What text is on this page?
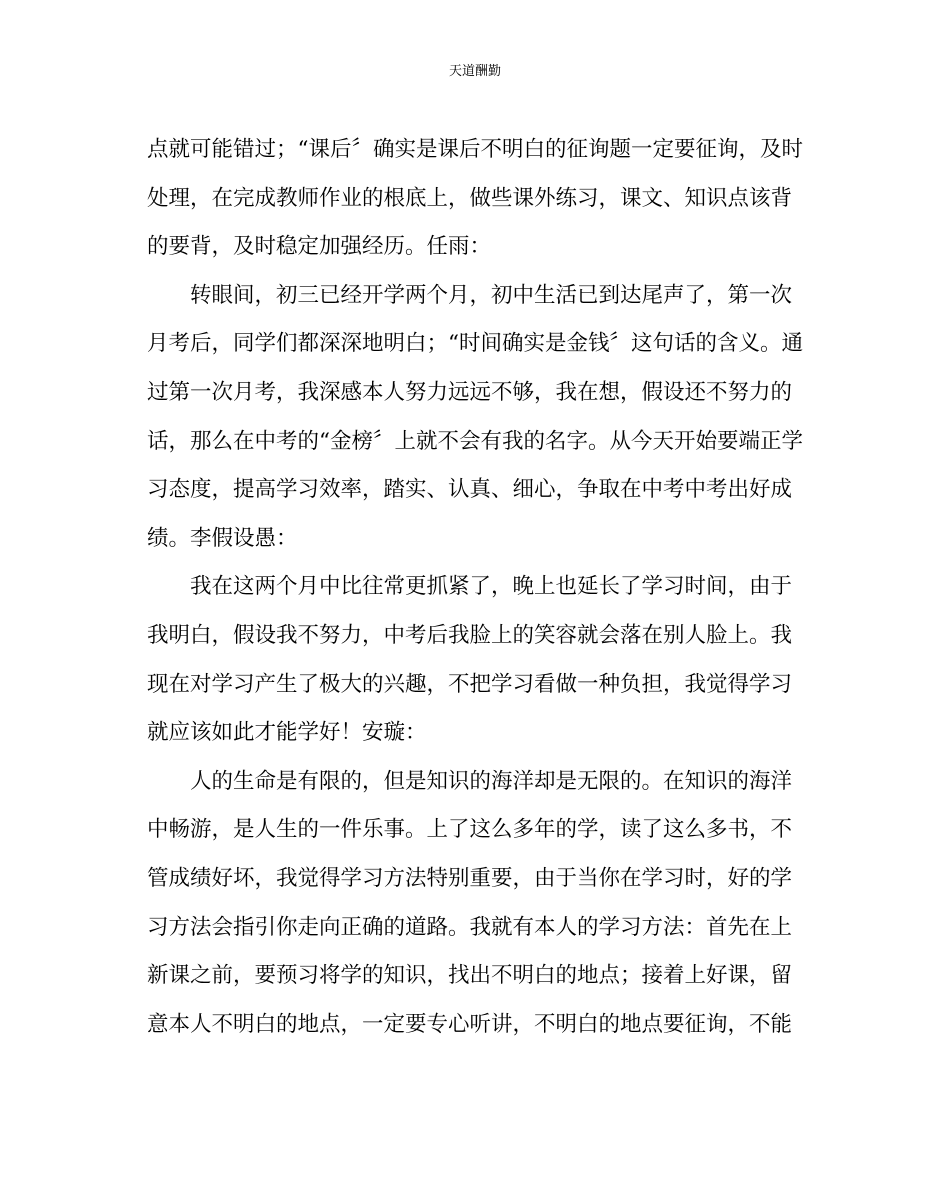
天道酬勤
点就可能错过；“课后〞确实是课后不明白的征询题一定要征询，及时
处理，在完成教师作业的根底上，做些课外练习，课文、知识点该背
的要背，及时稳定加强经历。任雨：
转眼间，初三已经开学两个月，初中生活已到达尾声了，第一次
月考后，同学们都深深地明白；“时间确实是金钱〞这句话的含义。通
过第一次月考，我深感本人努力远远不够，我在想，假设还不努力的
话，那么在中考的“金榜〞上就不会有我的名字。从今天开始要端正学
习态度，提高学习效率，踏实、认真、细心，争取在中考中考出好成
绩。李假设愚：
我在这两个月中比往常更抓紧了，晚上也延长了学习时间，由于
我明白，假设我不努力，中考后我脸上的笑容就会落在别人脸上。我
现在对学习产生了极大的兴趣，不把学习看做一种负担，我觉得学习
就应该如此才能学好！安璇：
人的生命是有限的，但是知识的海洋却是无限的。在知识的海洋
中畅游，是人生的一件乐事。上了这么多年的学，读了这么多书，不
管成绩好坏，我觉得学习方法特别重要，由于当你在学习时，好的学
习方法会指引你走向正确的道路。我就有本人的学习方法：首先在上
新课之前，要预习将学的知识，找出不明白的地点；接着上好课，留
意本人不明白的地点，一定要专心听讲，不明白的地点要征询，不能
